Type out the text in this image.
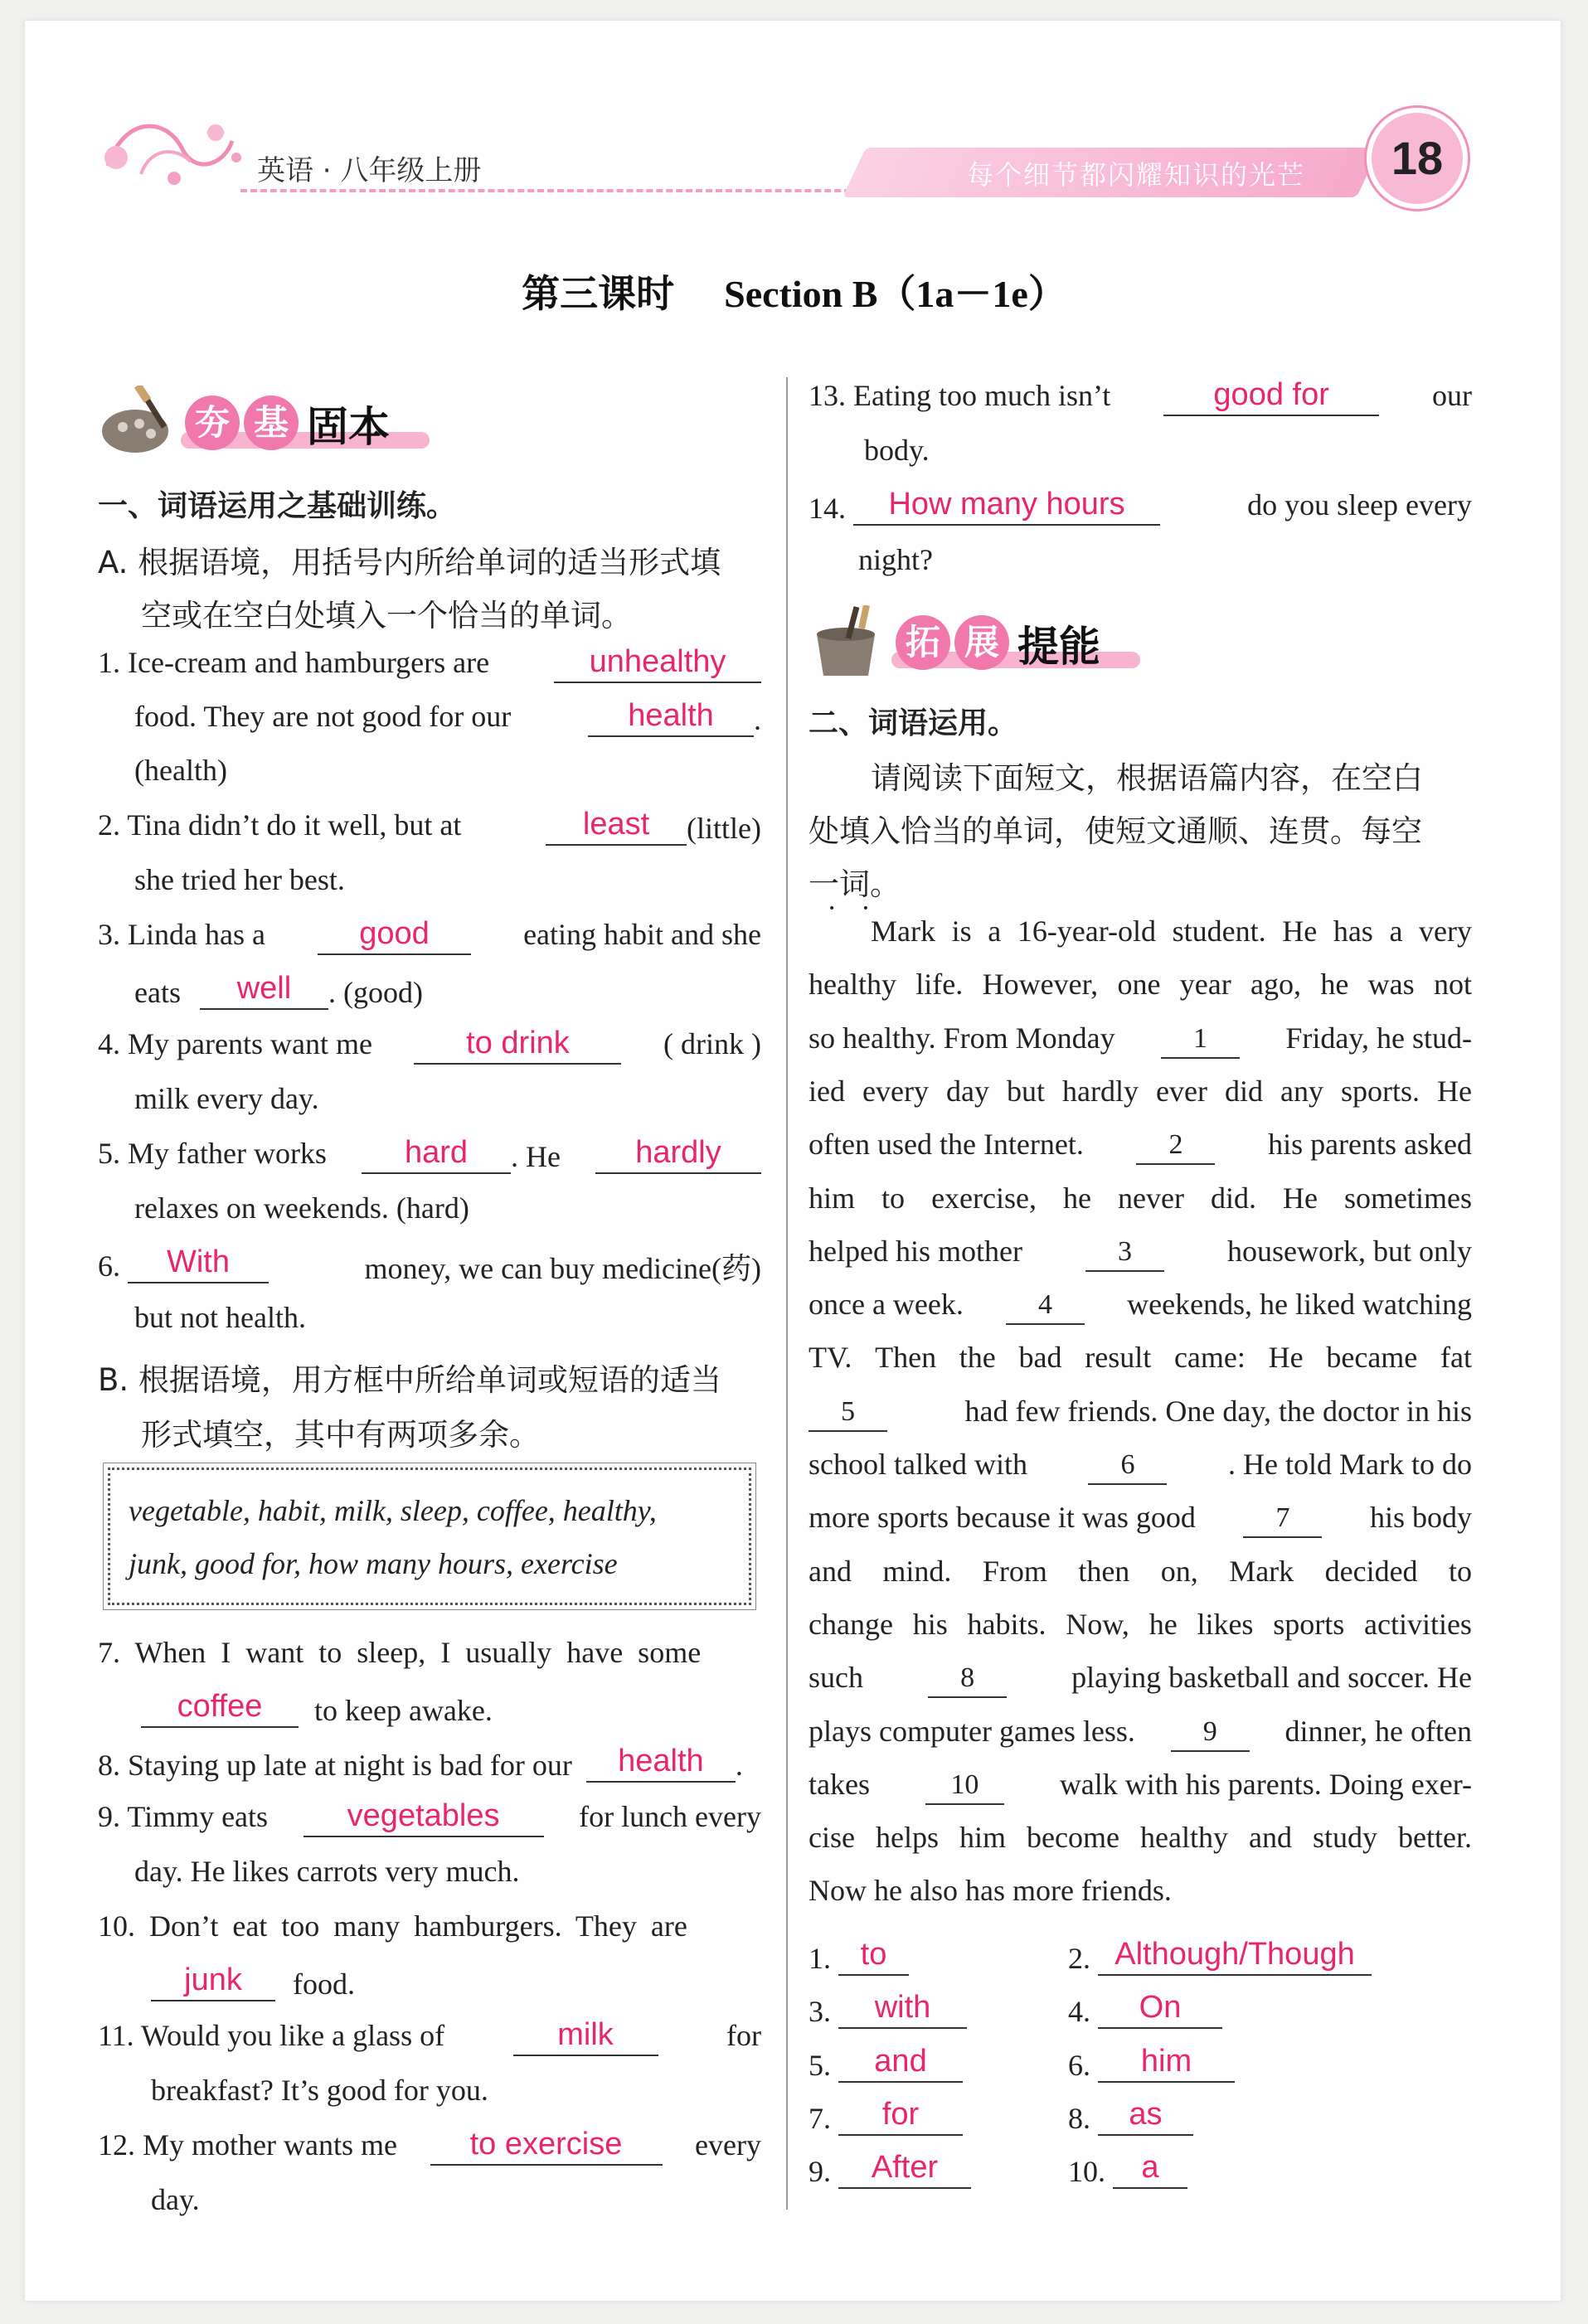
英语 · 八年级上册	每个细节都闪耀知识的光芒	18
第三课时 Section B（1a－1e）
夯 基 固本
一、词语运用之基础训练。
A. 根据语境，用括号内所给单词的适当形式填
空或在空白处填入一个恰当的单词。
1. Ice-cream and hamburgers are	unhealthy
food. They are not good for our	health .
(health)
2. Tina didn’t do it well, but at	least (little)
she tried her best.
3. Linda has a	good	eating habit and she
eats well . (good)
4. My parents want me	to drink	( drink )
milk every day.
5. My father works	hard . He	hardly
relaxes on weekends. (hard)
6. With	money, we can buy medicine(药)
but not health.
B. 根据语境，用方框中所给单词或短语的适当
形式填空，其中有两项多余。
vegetable, habit, milk, sleep, coffee, healthy,
junk, good for, how many hours, exercise
7. When I want to sleep, I usually have some
coffee to keep awake.
8. Staying up late at night is bad for our health .
9. Timmy eats	vegetables	for lunch every
day. He likes carrots very much.
10. Don’t eat too many hamburgers. They are
junk food.
11. Would you like a glass of	milk	for
breakfast? It’s good for you.
12. My mother wants me	to exercise	every
day.
13. Eating too much isn’t	good for	our
body.
14. How many hours	do you sleep every
night?
拓 展 提能
二、词语运用。
请阅读下面短文，根据语篇内容，在空白
处填入恰当的单词，使短文通顺、连贯。每空
一词。 • •
Mark is a 16-year-old student. He has a very
healthy life. However, one year ago, he was not
so healthy. From Monday	1	Friday, he stud-
ied every day but hardly ever did any sports. He
often used the Internet.	2	his parents asked
him to exercise, he never did. He sometimes
helped his mother	3	housework, but only
once a week.	4	weekends, he liked watching
TV. Then the bad result came: He became fat
5	had few friends. One day, the doctor in his
school talked with	6	. He told Mark to do
more sports because it was good	7	his body
and mind. From then on, Mark decided to
change his habits. Now, he likes sports activities
such	8	playing basketball and soccer. He
plays computer games less.	9	dinner, he often
takes	10	walk with his parents. Doing exer-
cise helps him become healthy and study better.
Now he also has more friends.
1. to	2. Although/Though
3. with	4. On
5. and	6. him
7. for	8. as
9. After	10. a
